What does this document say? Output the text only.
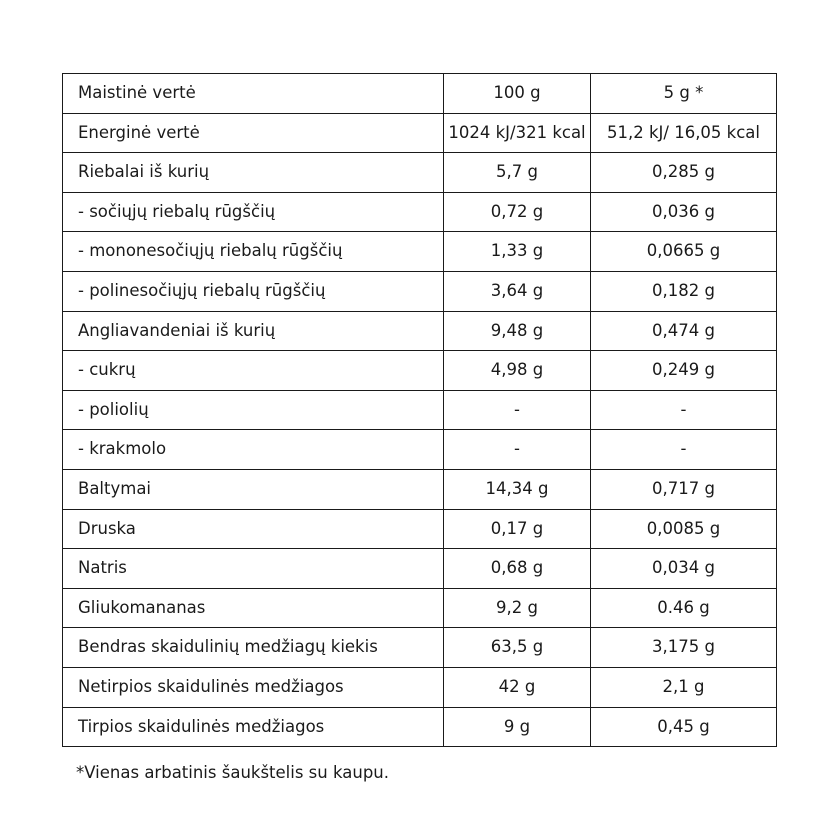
Maistinė vertė	100 g	5 g *
Energinė vertė	1024 kJ/321 kcal	51,2 kJ/ 16,05 kcal
Riebalai iš kurių	5,7 g	0,285 g
- sočiųjų riebalų rūgščių	0,72 g	0,036 g
- mononesočiųjų riebalų rūgščių	1,33 g	0,0665 g
- polinesočiųjų riebalų rūgščių	3,64 g	0,182 g
Angliavandeniai iš kurių	9,48 g	0,474 g
- cukrų	4,98 g	0,249 g
- poliolių	-	-
- krakmolo	-	-
Baltymai	14,34 g	0,717 g
Druska	0,17 g	0,0085 g
Natris	0,68 g	0,034 g
Gliukomananas	9,2 g	0.46 g
Bendras skaidulinių medžiagų kiekis	63,5 g	3,175 g
Netirpios skaidulinės medžiagos	42 g	2,1 g
Tirpios skaidulinės medžiagos	9 g	0,45 g
*Vienas arbatinis šaukštelis su kaupu.
